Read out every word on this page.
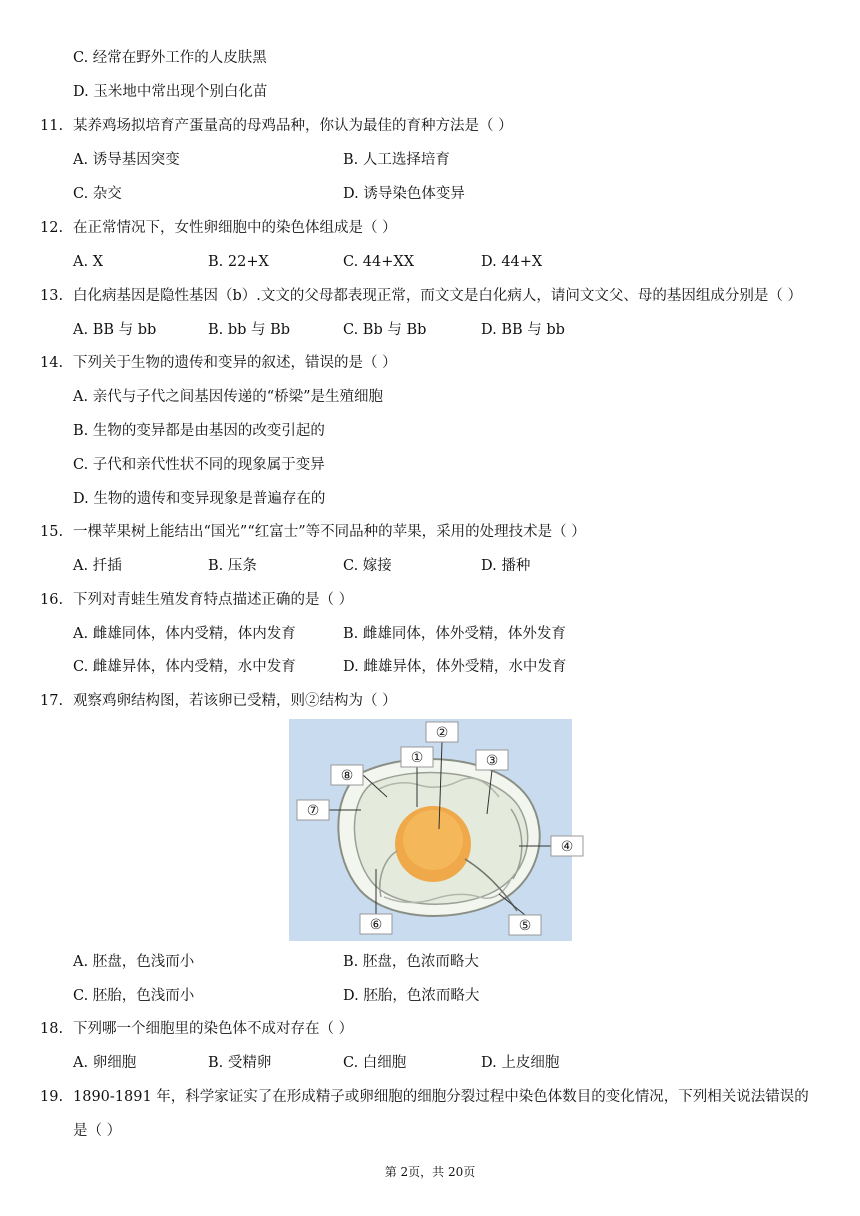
C. 经常在野外工作的人皮肤黑
D. 玉米地中常出现个别白化苗
11. 某养鸡场拟培育产蛋量高的母鸡品种，你认为最佳的育种方法是（ ）
A. 诱导基因突变	B. 人工选择培育
C. 杂交	D. 诱导染色体变异
12. 在正常情况下，女性卵细胞中的染色体组成是（ ）
A. X	B. 22+X	C. 44+XX	D. 44+X
13. 白化病基因是隐性基因（b）.文文的父母都表现正常，而文文是白化病人，请问文文父、母的基因组成分别是（ ）
A. BB 与 bb	B. bb 与 Bb	C. Bb 与 Bb	D. BB 与 bb
14. 下列关于生物的遗传和变异的叙述，错误的是（ ）
A. 亲代与子代之间基因传递的“桥梁”是生殖细胞
B. 生物的变异都是由基因的改变引起的
C. 子代和亲代性状不同的现象属于变异
D. 生物的遗传和变异现象是普遍存在的
15. 一棵苹果树上能结出“国光”“红富士”等不同品种的苹果，采用的处理技术是（ ）
A. 扦插	B. 压条	C. 嫁接	D. 播种
16. 下列对青蛙生殖发育特点描述正确的是（ ）
A. 雌雄同体，体内受精，体内发育	B. 雌雄同体，体外受精，体外发育
C. 雌雄异体，体内受精，水中发育	D. 雌雄异体，体外受精，水中发育
17. 观察鸡卵结构图，若该卵已受精，则②结构为（ ）
A. 胚盘，色浅而小	B. 胚盘，色浓而略大
C. 胚胎，色浅而小	D. 胚胎，色浓而略大
18. 下列哪一个细胞里的染色体不成对存在（ ）
A. 卵细胞	B. 受精卵	C. 白细胞	D. 上皮细胞
19. 1890-1891 年，科学家证实了在形成精子或卵细胞的细胞分裂过程中染色体数目的变化情况，下列相关说法错误的
是（ ）
①
②
③
④
⑤
⑥
⑦
⑧
第 2页，共 20页
